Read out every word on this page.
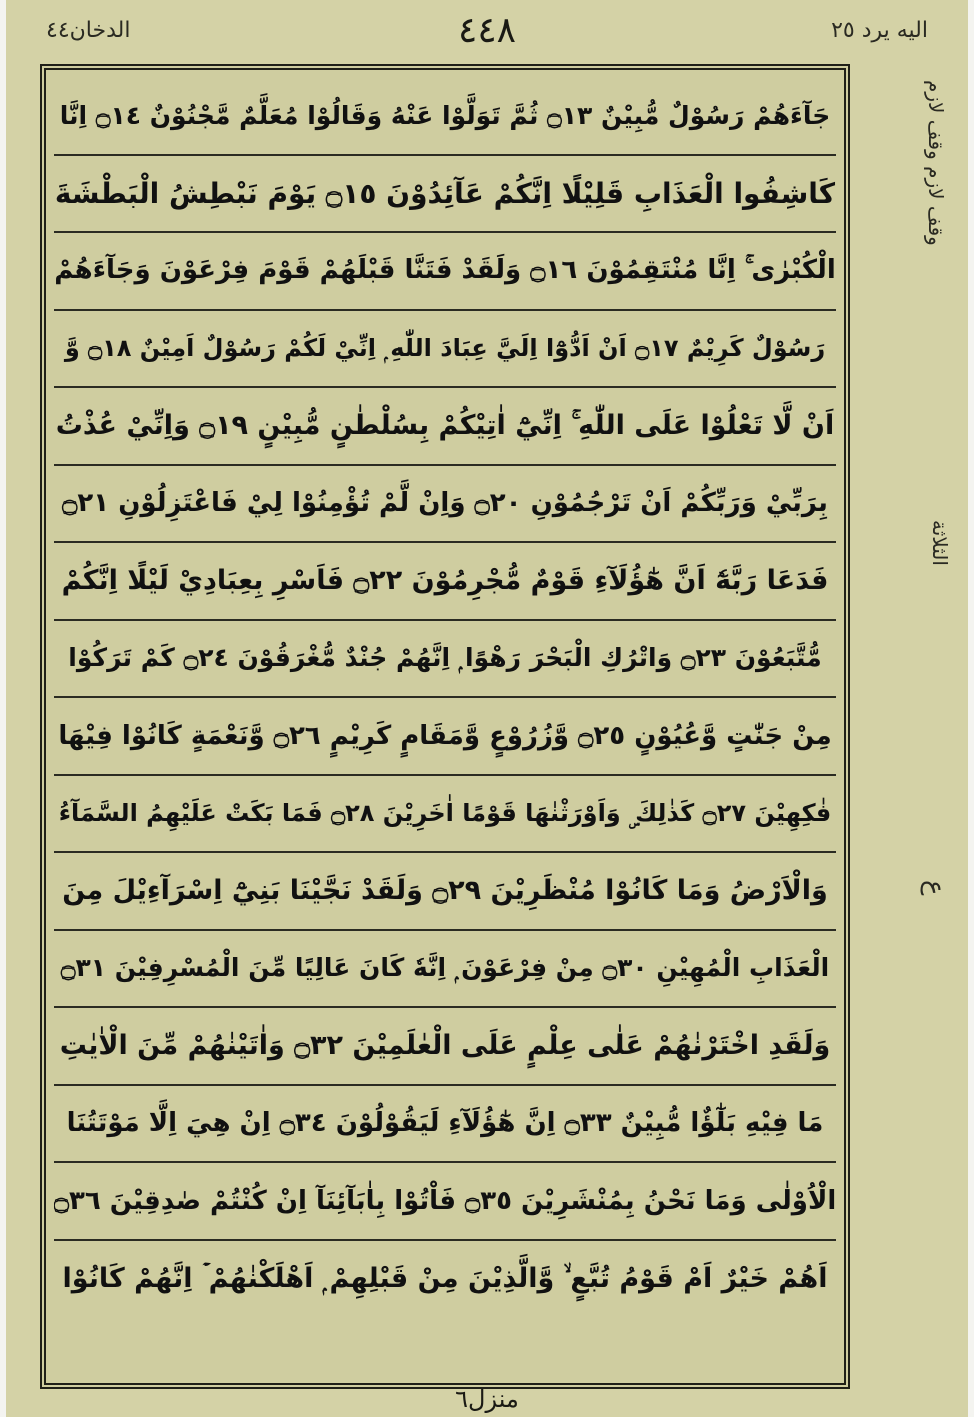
الدخان٤٤	٤٤٨	اليه يرد ٢٥
جَآءَهُمْ رَسُوْلٌ مُّبِيْنٌ ۝١٣ ثُمَّ تَوَلَّوْا عَنْهُ وَقَالُوْا مُعَلَّمٌ مَّجْنُوْنٌ ۝١٤ اِنَّا
كَاشِفُوا الْعَذَابِ قَلِيْلًا اِنَّكُمْ عَآئِدُوْنَ ۝١٥ يَوْمَ نَبْطِشُ الْبَطْشَةَ
الْكُبْرٰى ۚ اِنَّا مُنْتَقِمُوْنَ ۝١٦ وَلَقَدْ فَتَنَّا قَبْلَهُمْ قَوْمَ فِرْعَوْنَ وَجَآءَهُمْ
رَسُوْلٌ كَرِيْمٌ ۝١٧ اَنْ اَدُّوْٓا اِلَيَّ عِبَادَ اللّٰهِ ۭ اِنِّيْ لَكُمْ رَسُوْلٌ اَمِيْنٌ ۝١٨ وَّ
اَنْ لَّا تَعْلُوْا عَلَى اللّٰهِ ۚ اِنِّيْٓ اٰتِيْكُمْ بِسُلْطٰنٍ مُّبِيْنٍ ۝١٩ وَاِنِّيْ عُذْتُ
بِرَبِّيْ وَرَبِّكُمْ اَنْ تَرْجُمُوْنِ ۝٢٠ وَاِنْ لَّمْ تُؤْمِنُوْا لِيْ فَاعْتَزِلُوْنِ ۝٢١
فَدَعَا رَبَّهٗٓ اَنَّ هٰٓؤُلَآءِ قَوْمٌ مُّجْرِمُوْنَ ۝٢٢ فَاَسْرِ بِعِبَادِيْ لَيْلًا اِنَّكُمْ
مُّتَّبَعُوْنَ ۝٢٣ وَاتْرُكِ الْبَحْرَ رَهْوًا ۭ اِنَّهُمْ جُنْدٌ مُّغْرَقُوْنَ ۝٢٤ كَمْ تَرَكُوْا
مِنْ جَنّٰتٍ وَّعُيُوْنٍ ۝٢٥ وَّزُرُوْعٍ وَّمَقَامٍ كَرِيْمٍ ۝٢٦ وَّنَعْمَةٍ كَانُوْا فِيْهَا
فٰكِهِيْنَ ۝٢٧ كَذٰلِكَ ۣ وَاَوْرَثْنٰهَا قَوْمًا اٰخَرِيْنَ ۝٢٨ فَمَا بَكَتْ عَلَيْهِمُ السَّمَآءُ
وَالْاَرْضُ وَمَا كَانُوْا مُنْظَرِيْنَ ۝٢٩ وَلَقَدْ نَجَّيْنَا بَنِيْٓ اِسْرَآءِيْلَ مِنَ
الْعَذَابِ الْمُهِيْنِ ۝٣٠ مِنْ فِرْعَوْنَ ۭ اِنَّهٗ كَانَ عَالِيًا مِّنَ الْمُسْرِفِيْنَ ۝٣١
وَلَقَدِ اخْتَرْنٰهُمْ عَلٰى عِلْمٍ عَلَى الْعٰلَمِيْنَ ۝٣٢ وَاٰتَيْنٰهُمْ مِّنَ الْاٰيٰتِ
مَا فِيْهِ بَلٰٓؤٌا مُّبِيْنٌ ۝٣٣ اِنَّ هٰٓؤُلَآءِ لَيَقُوْلُوْنَ ۝٣٤ اِنْ هِيَ اِلَّا مَوْتَتُنَا
الْاُوْلٰى وَمَا نَحْنُ بِمُنْشَرِيْنَ ۝٣٥ فَاْتُوْا بِاٰبَآئِنَآ اِنْ كُنْتُمْ صٰدِقِيْنَ ۝٣٦
اَهُمْ خَيْرٌ اَمْ قَوْمُ تُبَّعٍ ۙ وَّالَّذِيْنَ مِنْ قَبْلِهِمْ ۭ اَهْلَكْنٰهُمْ ۡ اِنَّهُمْ كَانُوْا
وقف لازم وقف لازم
الثلاثة
ع
منزل٦
